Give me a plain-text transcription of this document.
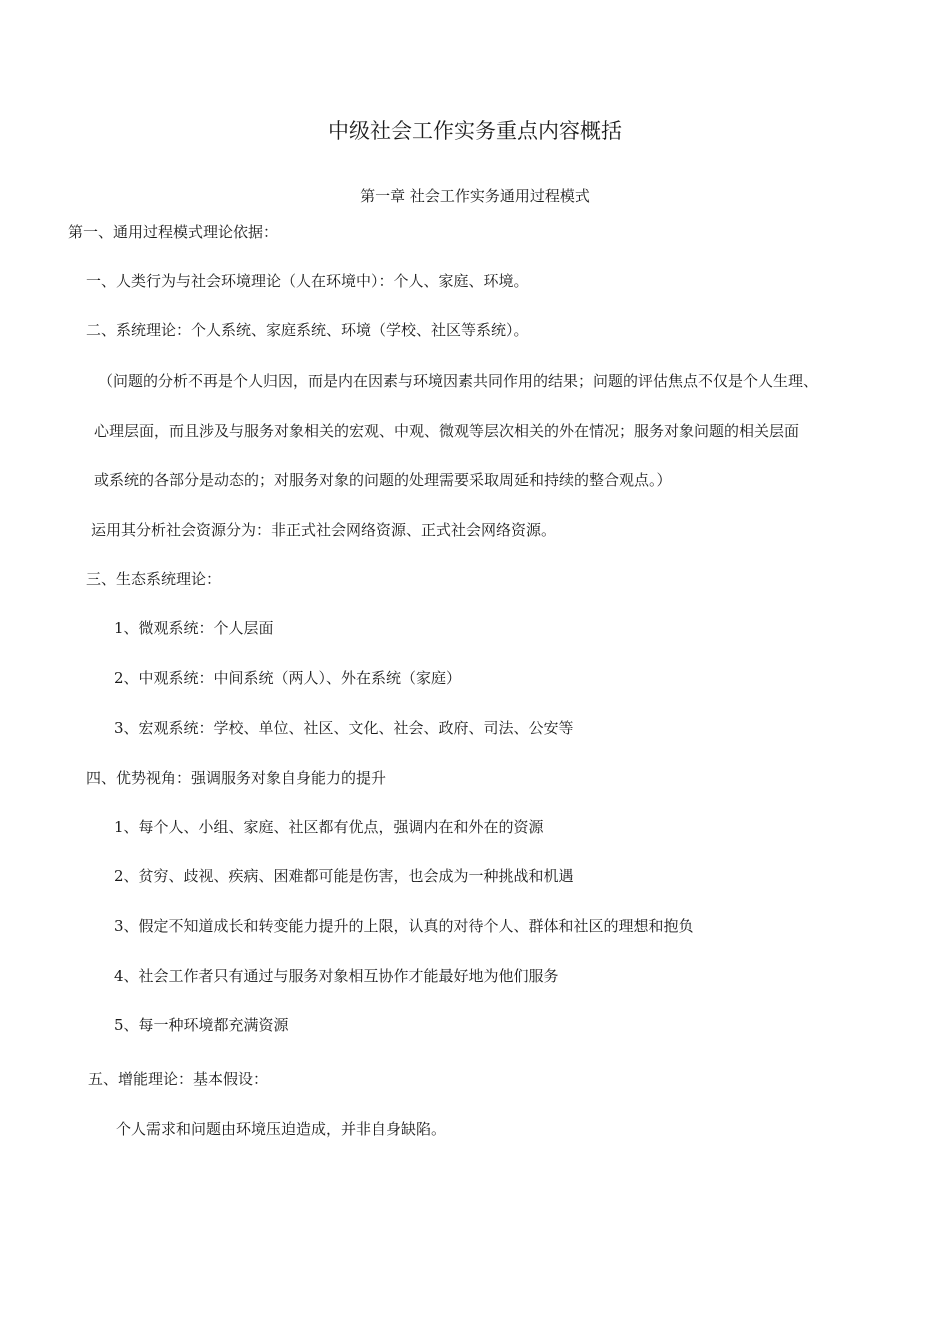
中级社会工作实务重点内容概括
第一章 社会工作实务通用过程模式
第一、通用过程模式理论依据：
一、人类行为与社会环境理论（人在环境中）：个人、家庭、环境。
二、系统理论：个人系统、家庭系统、环境（学校、社区等系统）。
（问题的分析不再是个人归因，而是内在因素与环境因素共同作用的结果；问题的评估焦点不仅是个人生理、
心理层面，而且涉及与服务对象相关的宏观、中观、微观等层次相关的外在情况；服务对象问题的相关层面
或系统的各部分是动态的；对服务对象的问题的处理需要采取周延和持续的整合观点。）
运用其分析社会资源分为：非正式社会网络资源、正式社会网络资源。
三、生态系统理论：
1、微观系统：个人层面
2、中观系统：中间系统（两人）、外在系统（家庭）
3、宏观系统：学校、单位、社区、文化、社会、政府、司法、公安等
四、优势视角：强调服务对象自身能力的提升
1、每个人、小组、家庭、社区都有优点，强调内在和外在的资源
2、贫穷、歧视、疾病、困难都可能是伤害，也会成为一种挑战和机遇
3、假定不知道成长和转变能力提升的上限，认真的对待个人、群体和社区的理想和抱负
4、社会工作者只有通过与服务对象相互协作才能最好地为他们服务
5、每一种环境都充满资源
五、增能理论：基本假设：
个人需求和问题由环境压迫造成，并非自身缺陷。
